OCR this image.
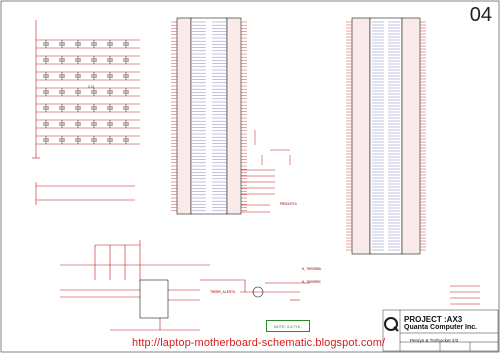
04
C13
PROCHOT#
H_THERMDA
H_THERMDC
THERM_ALERT#
NOTE: 0.6 TH/..
PROJECT :AX3
Quanta Computer Inc.
Penryn & TH/Socket 2/2
http://laptop-motherboard-schematic.blogspot.com/
